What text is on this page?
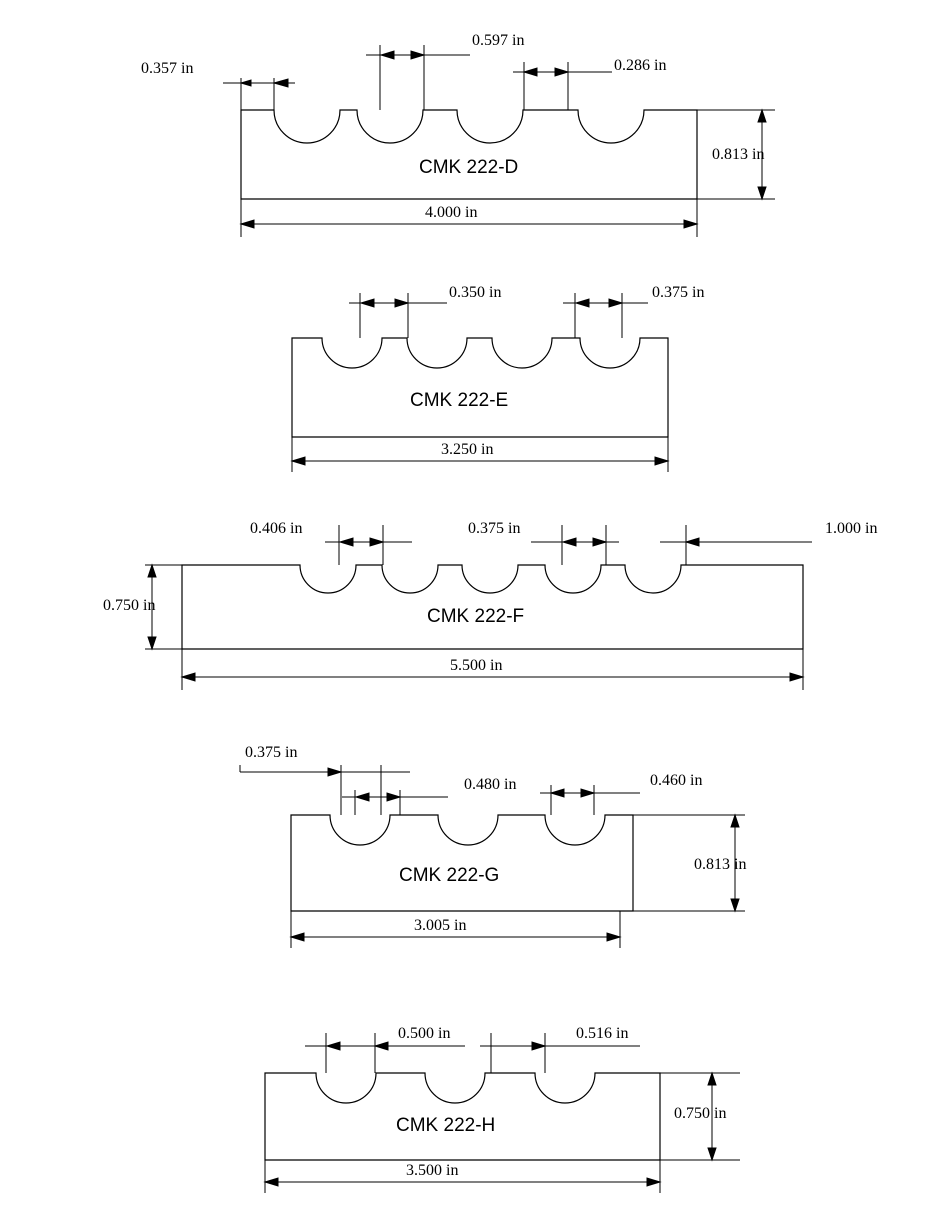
0.357 in
0.597 in
0.286 in
CMK 222-D
0.813 in
4.000 in
0.350 in	0.375 in
CMK 222-E
3.250 in
0.406 in	0.375 in	1.000 in
0.750 in
CMK 222-F
5.500 in
0.375 in
0.480 in	0.460 in
CMK 222-G
0.813 in
3.005 in
0.500 in	0.516 in
CMK 222-H
0.750 in
3.500 in
